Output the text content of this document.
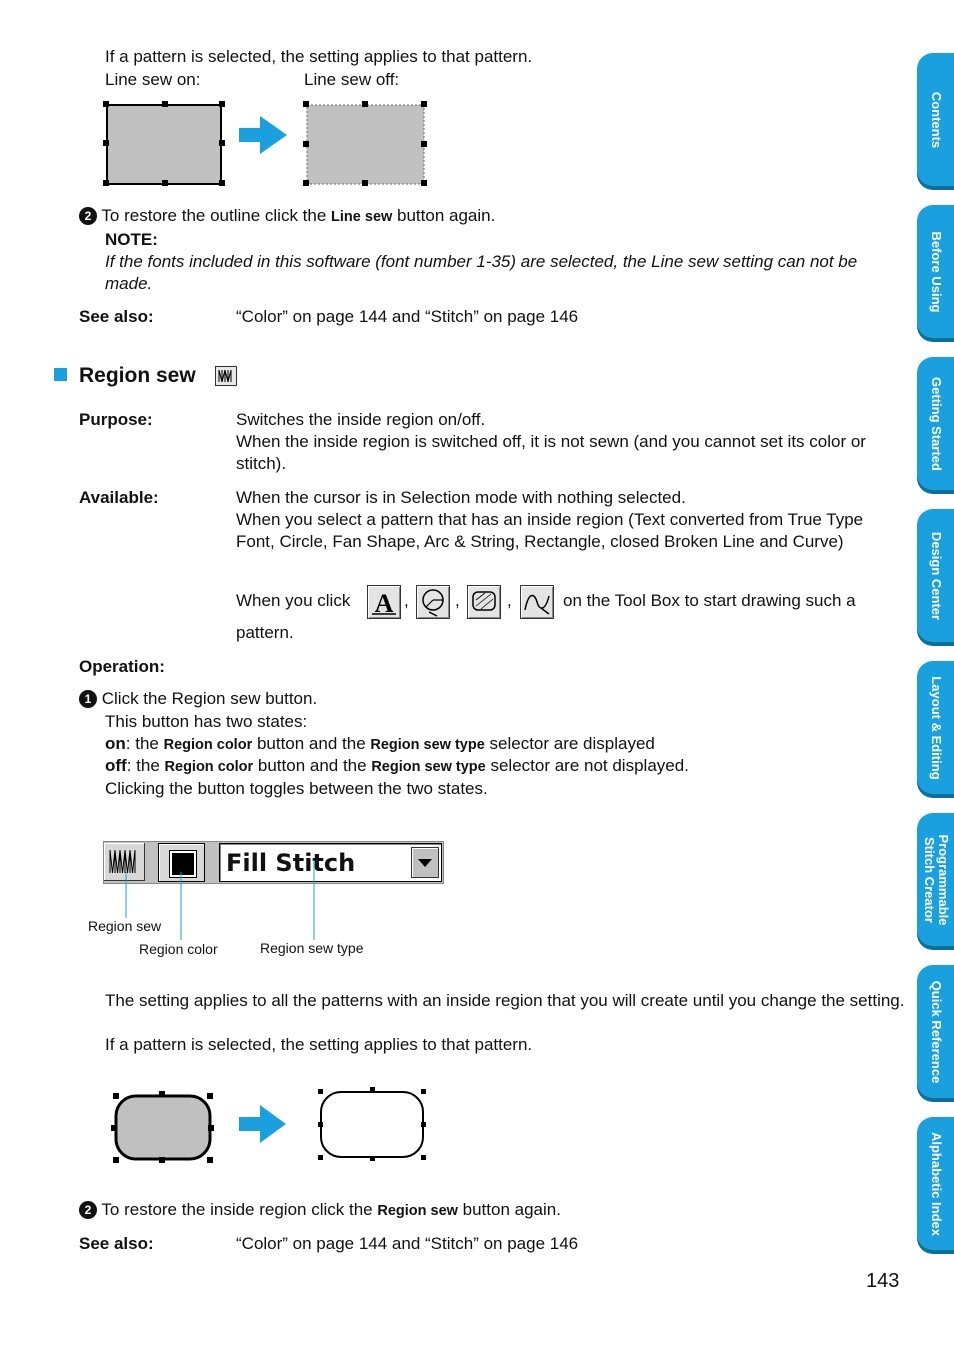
If a pattern is selected, the setting applies to that pattern.
Line sew on:	Line sew off:
2 To restore the outline click the Line sew button again.
NOTE:
If the fonts included in this software (font number 1-35) are selected, the Line sew setting can not be made.
See also:	“Color” on page 144 and “Stitch” on page 146
Region sew
Purpose:	Switches the inside region on/off.
When the inside region is switched off, it is not sewn (and you cannot set its color or stitch).
Available:	When the cursor is in Selection mode with nothing selected.
When you select a pattern that has an inside region (Text converted from True Type Font, Circle, Fan Shape, Arc & String, Rectangle, closed Broken Line and Curve)
When you click A ,	,	,	on the Tool Box to start drawing such a
pattern.
Operation:
1 Click the Region sew button.
This button has two states:
on: the Region color button and the Region sew type selector are displayed
off: the Region color button and the Region sew type selector are not displayed.
Clicking the button toggles between the two states.
Fill Stitch
Region sew
Region color	Region sew type
The setting applies to all the patterns with an inside region that you will create until you change the setting.
If a pattern is selected, the setting applies to that pattern.
2 To restore the inside region click the Region sew button again.
See also:	“Color” on page 144 and “Stitch” on page 146
143
Contents
Before Using
Getting Started
Design Center
Layout & Editing
Programmable Stitch Creator
Quick Reference
Alphabetic Index
